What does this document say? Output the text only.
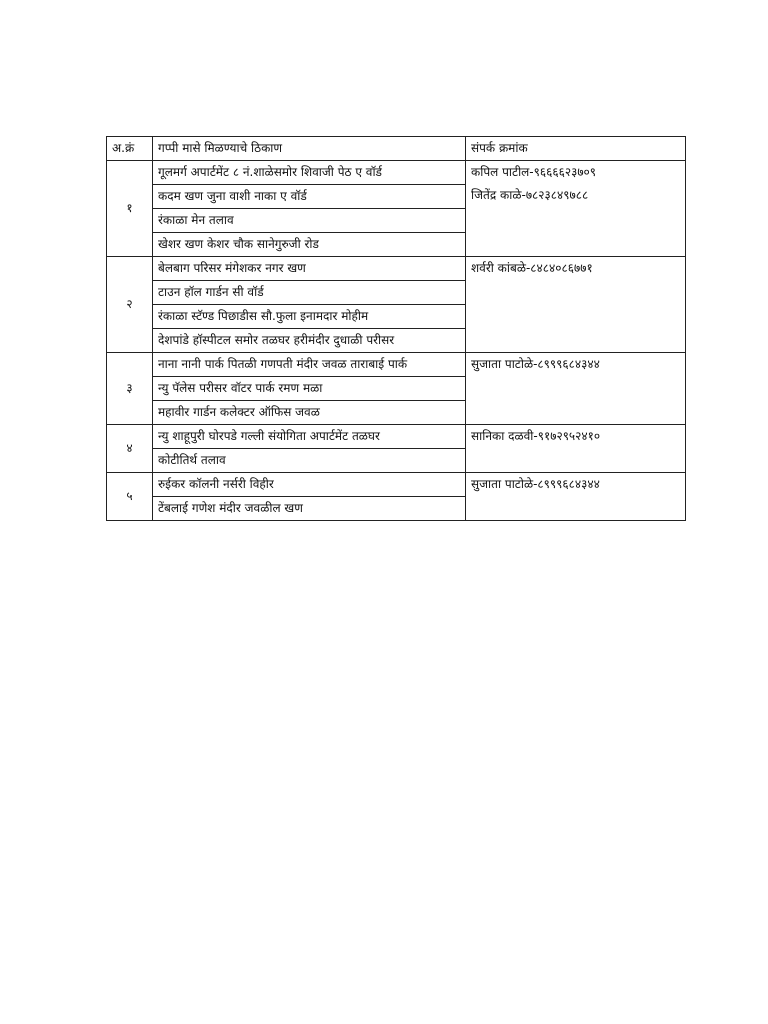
अ.क्रं	गप्पी मासे मिळण्याचे ठिकाण	संपर्क क्रमांक
१	गूलमर्ग अपार्टमेंट ८ नं.शाळेसमोर शिवाजी पेठ ए वॉर्ड	कपिल पाटील-९६६६६२३७०९
जितेंद्र काळे-७८२३८४९७८८

	कदम खण जुना वाशी नाका ए वॉर्ड	
	रंकाळा मेन तलाव	
	खेशर खण केशर चौक सानेगुरुजी रोड	
२	बेलबाग परिसर मंगेशकर नगर खण	शर्वरी कांबळे-८४८४०८६७७१

	टाउन हॉल गार्डन सी वॉर्ड	
	रंकाळा स्टॅण्ड पिछाडीस सौ.फुला इनामदार मोहीम	
	देशपांडे हॉस्पीटल समोर तळघर हरीमंदीर दुधाळी परीसर	
३	नाना नानी पार्क पितळी गणपती मंदीर जवळ ताराबाई पार्क	सुजाता पाटोळे-८९९९६८४३४४

	न्यु पॅलेस परीसर वॉटर पार्क रमण मळा	
	महावीर गार्डन कलेक्टर ऑफिस जवळ	
४	न्यु शाहूपुरी घोरपडे गल्ली संयोगिता अपार्टमेंट तळघर	सानिका दळवी-९१७२९५२४१०

	कोटीतिर्थ तलाव	
५	रुईकर कॉलनी नर्सरी विहीर	सुजाता पाटोळे-८९९९६८४३४४

	टेंबलाई गणेश मंदीर जवळील खण	
